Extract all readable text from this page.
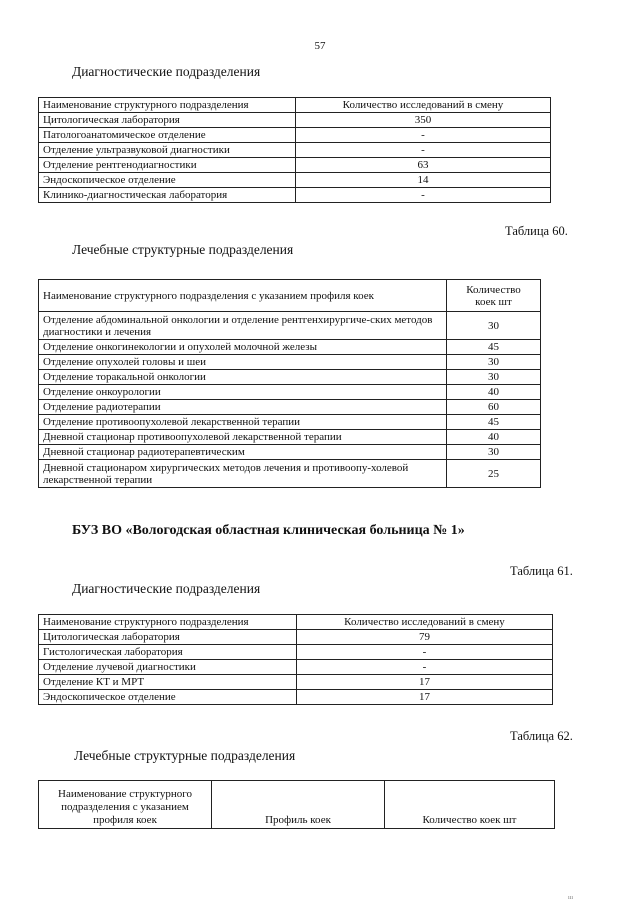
57
Диагностические подразделения
Наименование структурного подразделения	Количество исследований в смену
Цитологическая лаборатория	350
Патологоанатомическое отделение	-
Отделение ультразвуковой диагностики	-
Отделение рентгенодиагностики	63
Эндоскопическое отделение	14
Клинико-диагностическая лаборатория	-
Таблица 60.
Лечебные структурные подразделения
Наименование структурного подразделения с указанием профиля коек	Количество коек шт
Отделение абдоминальной онкологии и отделение рентгенхирургиче-ских методов диагностики и лечения	30
Отделение онкогинекологии и опухолей молочной железы	45
Отделение опухолей головы и шеи	30
Отделение торакальной онкологии	30
Отделение онкоурологии	40
Отделение радиотерапии	60
Отделение противоопухолевой лекарственной терапии	45
Дневной стационар противоопухолевой лекарственной терапии	40
Дневной стационар радиотерапевтическим	30
Дневной стационаром хирургических методов лечения и противоопу-холевой лекарственной терапии	25
БУЗ ВО «Вологодская областная клиническая больница № 1»
Таблица 61.
Диагностические подразделения
Наименование структурного подразделения	Количество исследований в смену
Цитологическая лаборатория	79
Гистологическая лаборатория	-
Отделение лучевой диагностики	-
Отделение КТ и МРТ	17
Эндоскопическое отделение	17
Таблица 62.
Лечебные структурные подразделения
Наименование структурного подразделения с указанием профиля коек	Профиль коек	Количество коек шт
ııı
